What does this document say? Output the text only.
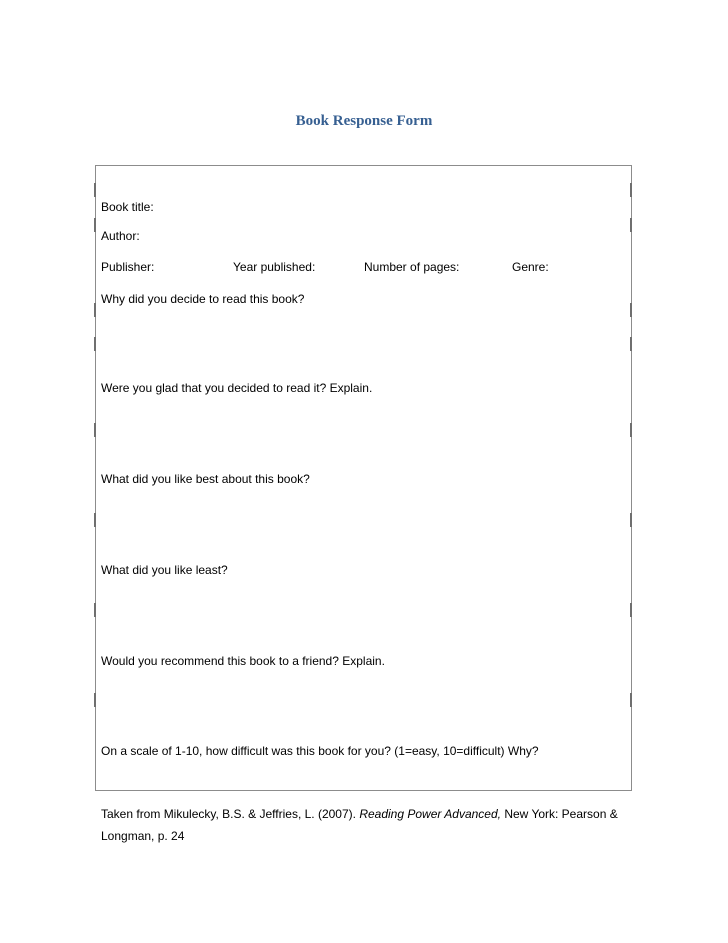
Book Response Form
Book title:
Author:
Publisher:	Year published:	Number of pages:	Genre:
Why did you decide to read this book?
Were you glad that you decided to read it? Explain.
What did you like best about this book?
What did you like least?
Would you recommend this book to a friend? Explain.
On a scale of 1-10, how difficult was this book for you? (1=easy, 10=difficult) Why?
Taken from Mikulecky, B.S. & Jeffries, L. (2007). Reading Power Advanced, New York: Pearson &
Longman, p. 24
